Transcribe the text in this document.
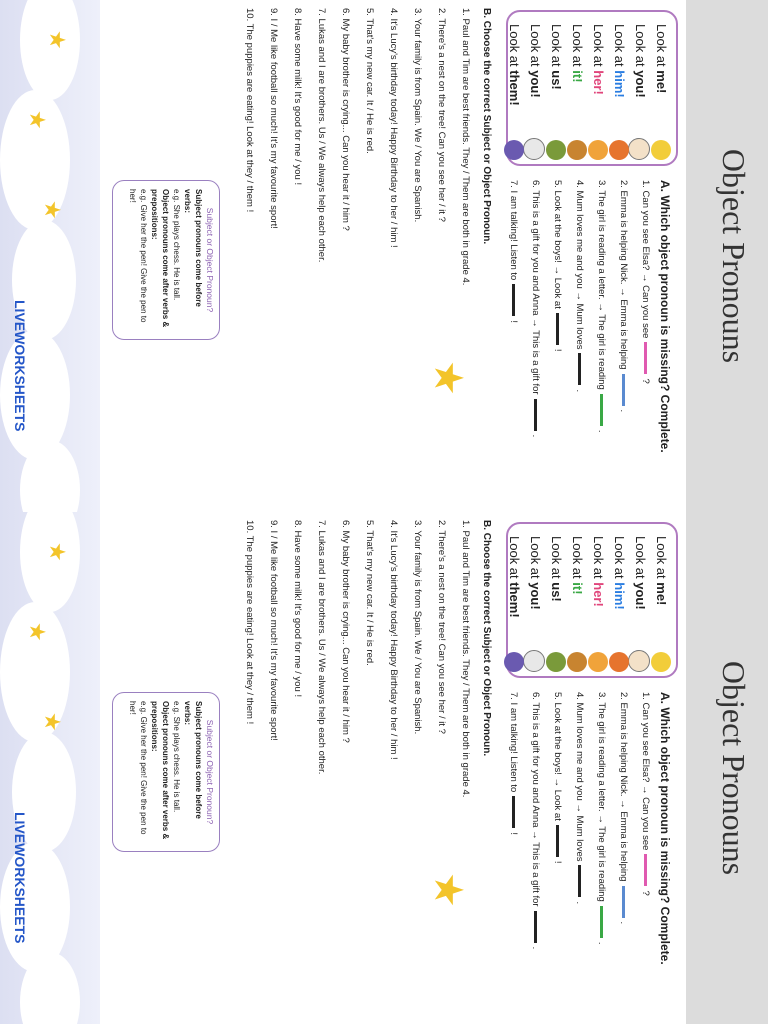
Object Pronouns
Look at me!
Look at you!
Look at him!
Look at her!
Look at it!
Look at us!
Look at you!
Look at them!
A. Which object pronoun is missing? Complete.
1. Can you see Elsa? → Can you see?
2. Emma is helping Nick. → Emma is helping.
3. The girl is reading a letter. → The girl is reading.
4. Mum loves me and you → Mum loves.
5. Look at the boys! → Look at!
6. This is a gift for you and Anna → This is a gift for.
7. I am talking! Listen to!
B. Choose the correct Subject or Object Pronoun.
1. Paul and Tim are best friends. They / Them are both in grade 4.
2. There's a nest on the tree! Can you see her / it ?
3. Your family is from Spain. We / You are Spanish.
4. It's Lucy's birthday today! Happy Birthday to her / him !
5. That's my new car. It / He is red.
6. My baby brother is crying... Can you hear it / him ?
7. Lukas and I are brothers. Us / We always help each other.
8. Have some milk! It's good for me / you !
9. I / Me like football so much! It's my favourite sport!
10. The puppies are eating! Look at they / them !
★
Subject or Object Pronoun?
Subject pronouns come before verbs:
e.g. She plays chess. He is tall.
Object pronouns come after verbs & prepositions:
e.g. Give her the pen! Give the pen to her!
★
★
★
LIVEWORKSHEETS
Object Pronouns
Look at me!
Look at you!
Look at him!
Look at her!
Look at it!
Look at us!
Look at you!
Look at them!
A. Which object pronoun is missing? Complete.
1. Can you see Elsa? → Can you see?
2. Emma is helping Nick. → Emma is helping.
3. The girl is reading a letter. → The girl is reading.
4. Mum loves me and you → Mum loves.
5. Look at the boys! → Look at!
6. This is a gift for you and Anna → This is a gift for.
7. I am talking! Listen to!
B. Choose the correct Subject or Object Pronoun.
1. Paul and Tim are best friends. They / Them are both in grade 4.
2. There's a nest on the tree! Can you see her / it ?
3. Your family is from Spain. We / You are Spanish.
4. It's Lucy's birthday today! Happy Birthday to her / him !
5. That's my new car. It / He is red.
6. My baby brother is crying... Can you hear it / him ?
7. Lukas and I are brothers. Us / We always help each other.
8. Have some milk! It's good for me / you !
9. I / Me like football so much! It's my favourite sport!
10. The puppies are eating! Look at they / them !
★
Subject or Object Pronoun?
Subject pronouns come before verbs:
e.g. She plays chess. He is tall.
Object pronouns come after verbs & prepositions:
e.g. Give her the pen! Give the pen to her!
★
★
★
LIVEWORKSHEETS
